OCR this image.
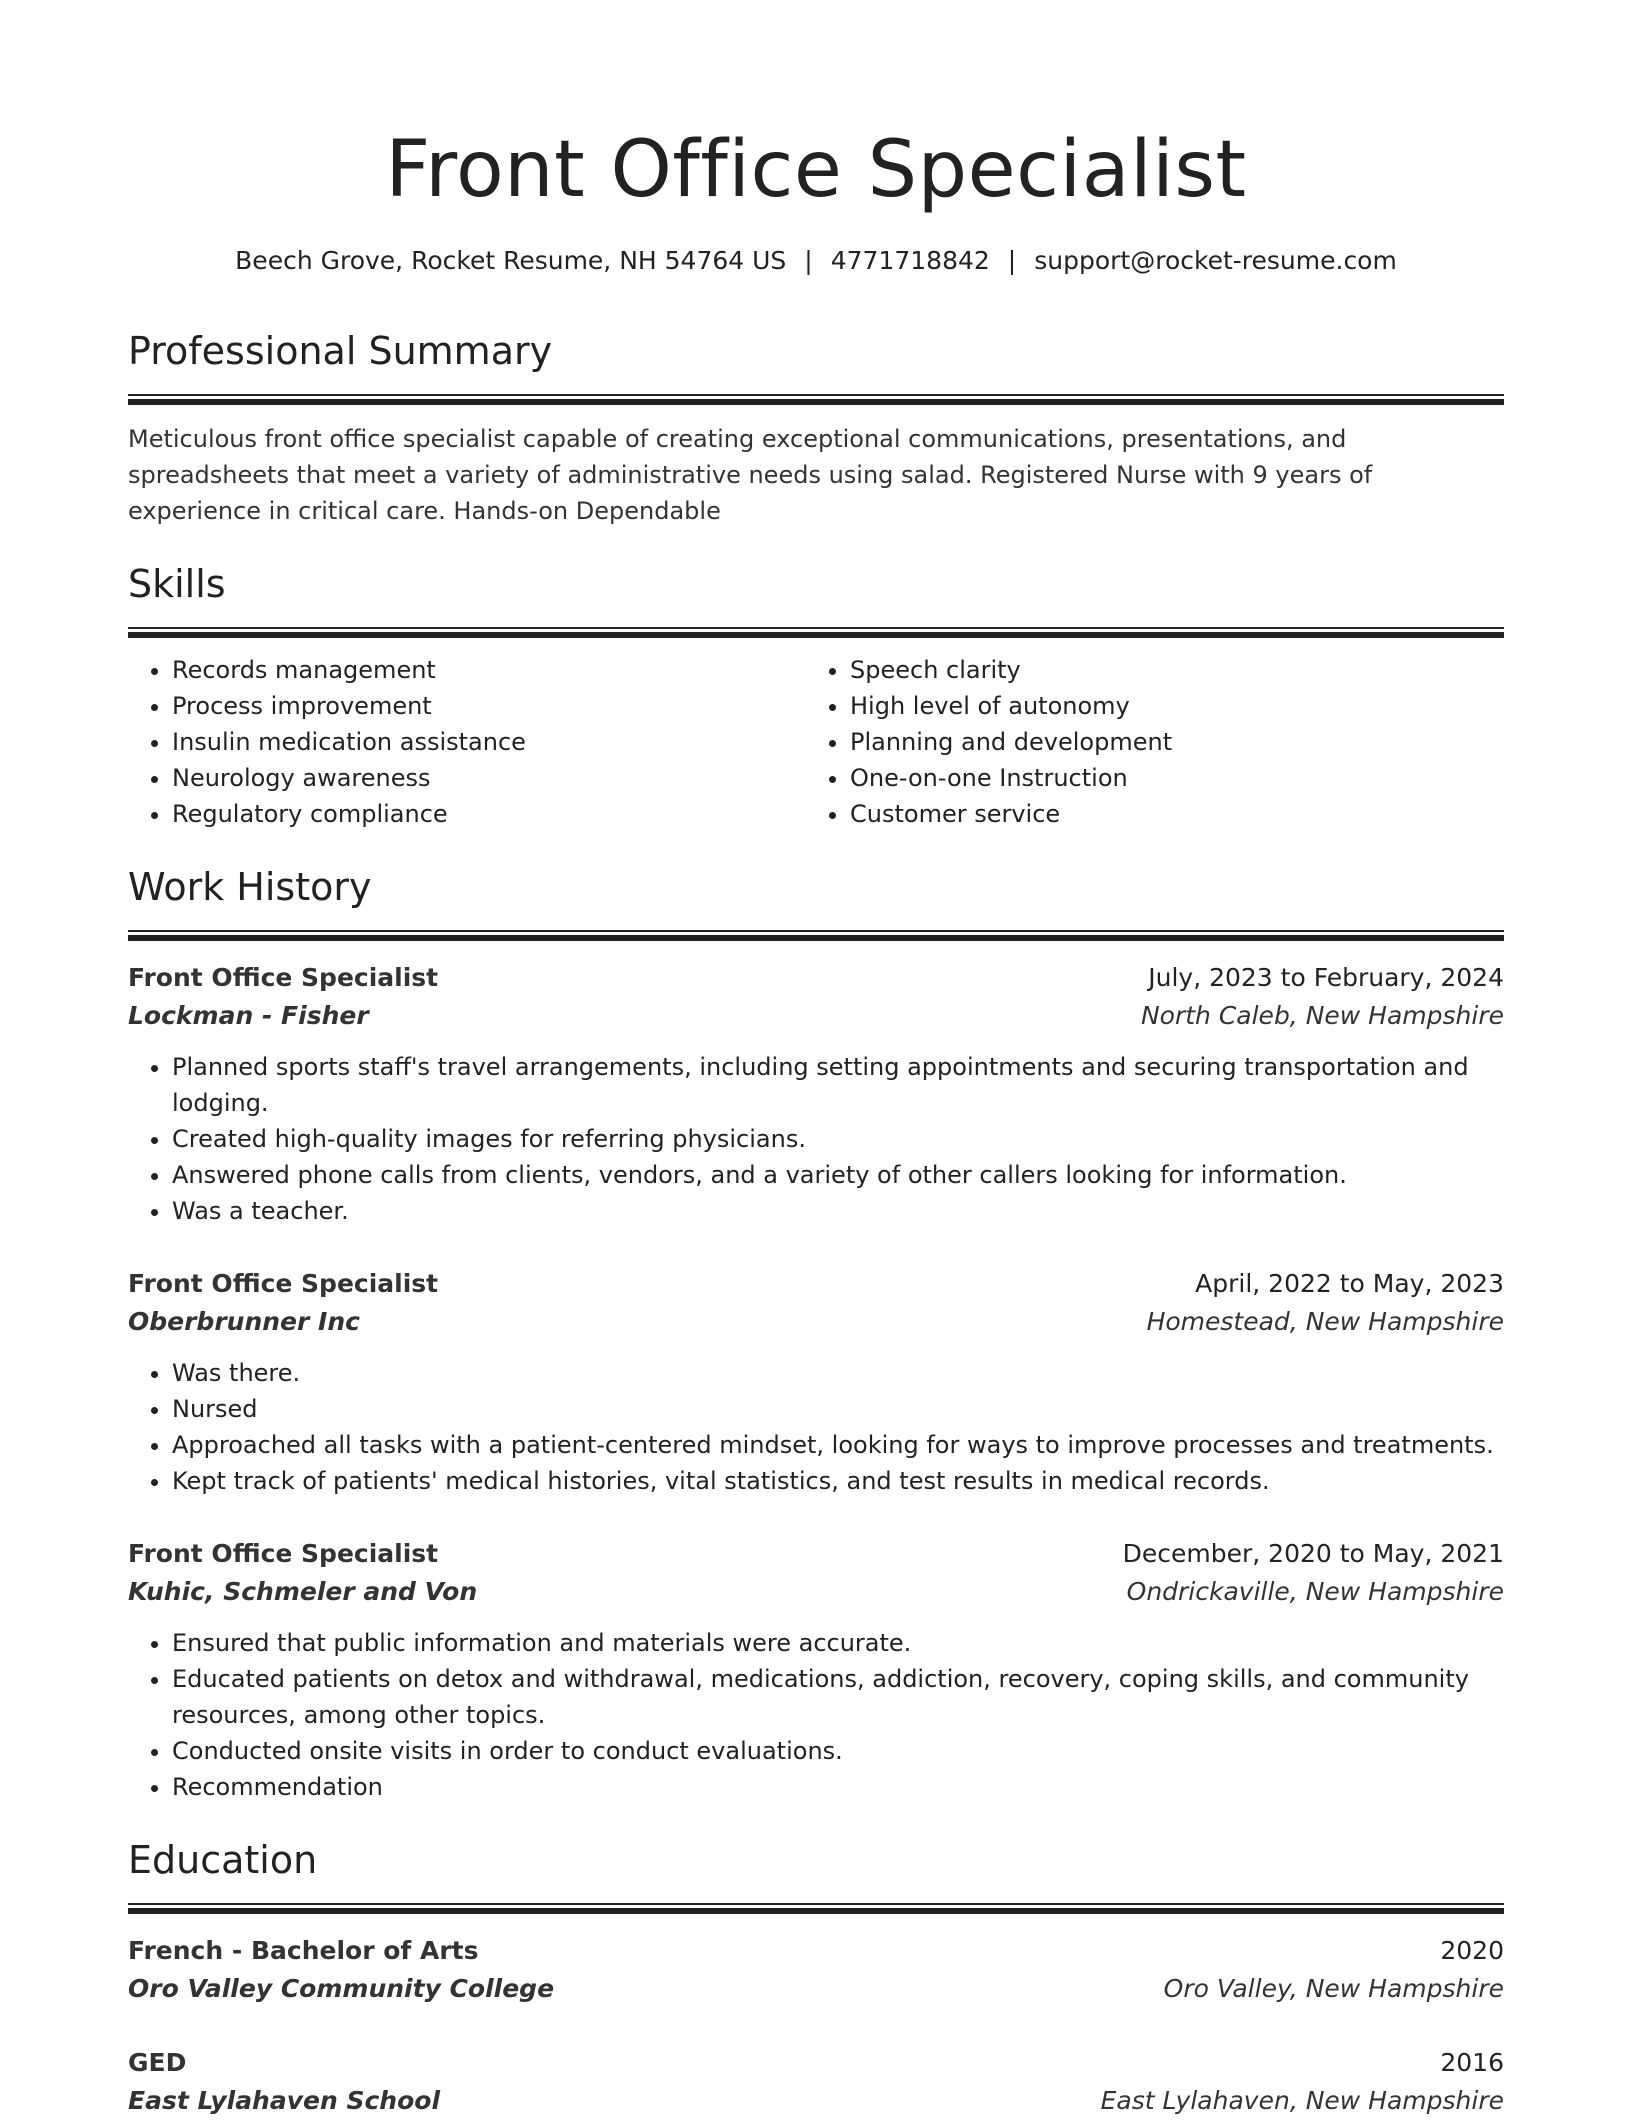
Front Office Specialist
Beech Grove, Rocket Resume, NH 54764 US | 4771718842 | support@rocket-resume.com
Professional Summary

Meticulous front office specialist capable of creating exceptional communications, presentations, and spreadsheets that meet a variety of administrative needs using salad. Registered Nurse with 9 years of experience in critical care. Hands-on Dependable

Skills
• Records management
• Process improvement
• Insulin medication assistance
• Neurology awareness
• Regulatory compliance
• Speech clarity
• High level of autonomy
• Planning and development
• One-on-one Instruction
• Customer service
Work History
Front Office Specialist	July, 2023 to February, 2024
Lockman - Fisher	North Caleb, New Hampshire
• Planned sports staff's travel arrangements, including setting appointments and securing transportation and lodging.
• Created high-quality images for referring physicians.
• Answered phone calls from clients, vendors, and a variety of other callers looking for information.
• Was a teacher.
Front Office Specialist	April, 2022 to May, 2023
Oberbrunner Inc	Homestead, New Hampshire
• Was there.
• Nursed
• Approached all tasks with a patient-centered mindset, looking for ways to improve processes and treatments.
• Kept track of patients' medical histories, vital statistics, and test results in medical records.
Front Office Specialist	December, 2020 to May, 2021
Kuhic, Schmeler and Von	Ondrickaville, New Hampshire
• Ensured that public information and materials were accurate.
• Educated patients on detox and withdrawal, medications, addiction, recovery, coping skills, and community resources, among other topics.
• Conducted onsite visits in order to conduct evaluations.
• Recommendation
Education
French - Bachelor of Arts	2020
Oro Valley Community College	Oro Valley, New Hampshire
GED	2016
East Lylahaven School	East Lylahaven, New Hampshire
